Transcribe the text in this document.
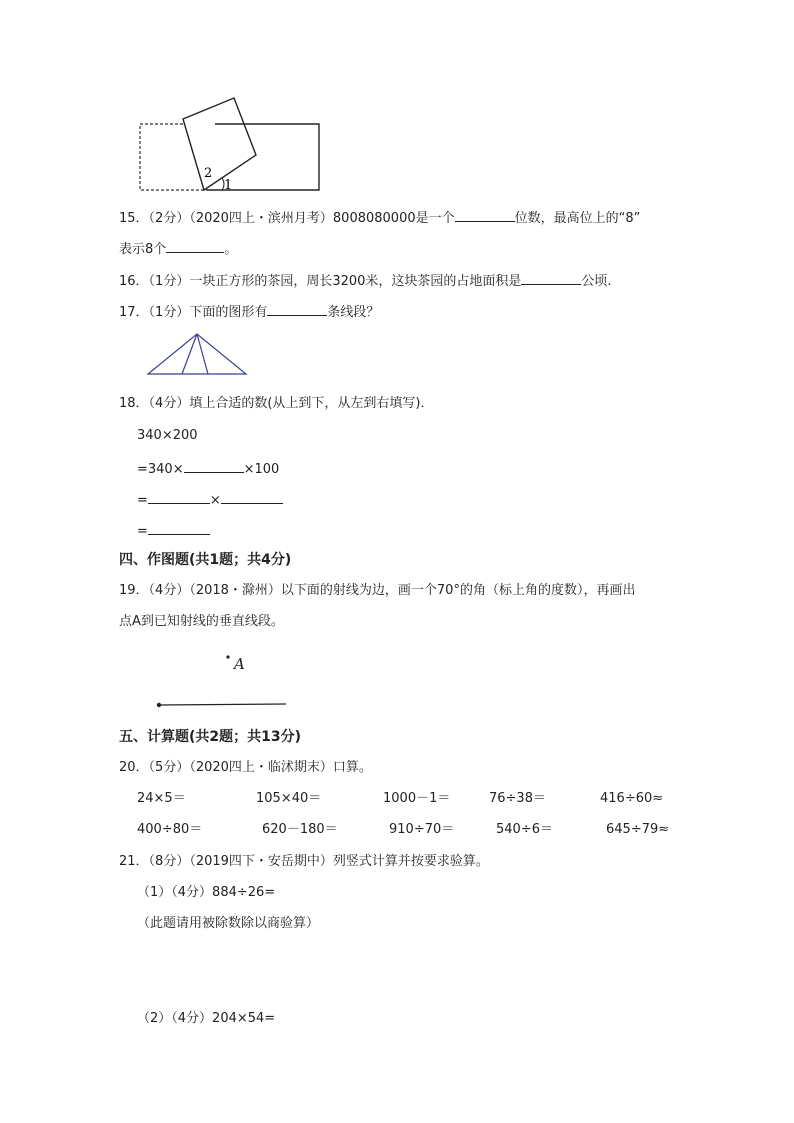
2
1
15．（2分）（2020四上・滨州月考）8008080000是一个	位数，最高位上的“8”
表示8个	。
16．（1分）一块正方形的茶园，周长3200米，这块茶园的占地面积是	公顷.
17．（1分）下面的图形有	条线段？
18．（4分）填上合适的数(从上到下，从左到右填写)．
340×200
=340×	×100
=	×
=
四、作图题(共1题；共4分)
19．（4分）（2018・滁州）以下面的射线为边，画一个70°的角（标上角的度数），再画出
点A到已知射线的垂直线段。
A
五、计算题(共2题；共13分)
20．（5分）（2020四上・临沭期末）口算。
24×5＝	105×40＝	1000－1＝	76÷38＝	416÷60≈
400÷80＝	620－180＝	910÷70＝	540÷6＝	645÷79≈
21．（8分）（2019四下・安岳期中）列竖式计算并按要求验算。
（1）（4分）884÷26=
（此题请用被除数除以商验算）
（2）（4分）204×54=
